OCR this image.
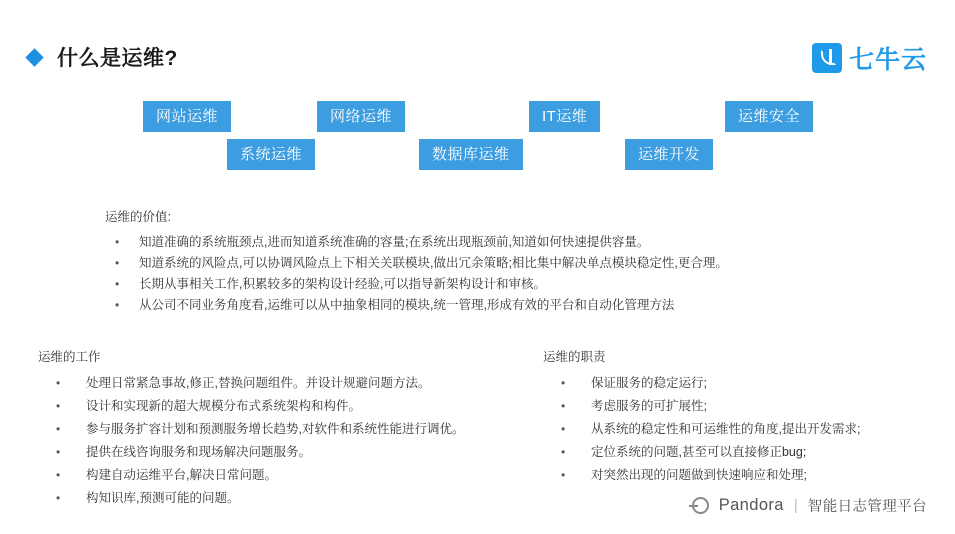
什么是运维?	七牛云
网站运维	网络运维	IT运维	运维安全
系统运维	数据库运维	运维开发
运维的价值:
• 知道准确的系统瓶颈点,进而知道系统准确的容量;在系统出现瓶颈前,知道如何快速提供容量。
• 知道系统的风险点,可以协调风险点上下相关关联模块,做出冗余策略;相比集中解决单点模块稳定性,更合理。
• 长期从事相关工作,积累较多的架构设计经验,可以指导新架构设计和审核。
• 从公司不同业务角度看,运维可以从中抽象相同的模块,统一管理,形成有效的平台和自动化管理方法
运维的工作
• 处理日常紧急事故,修正,替换问题组件。并设计规避问题方法。
• 设计和实现新的超大规模分布式系统架构和构件。
• 参与服务扩容计划和预测服务增长趋势,对软件和系统性能进行调优。
• 提供在线咨询服务和现场解决问题服务。
• 构建自动运维平台,解决日常问题。
• 构知识库,预测可能的问题。
运维的职责
• 保证服务的稳定运行;
• 考虑服务的可扩展性;
• 从系统的稳定性和可运维性的角度,提出开发需求;
• 定位系统的问题,甚至可以直接修正bug;
• 对突然出现的问题做到快速响应和处理;
Pandora | 智能日志管理平台
